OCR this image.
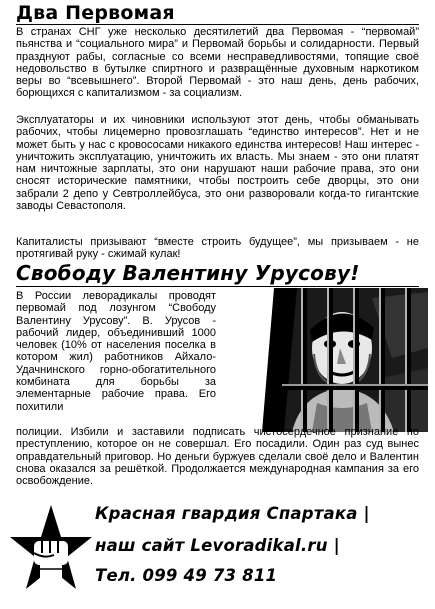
Два Первомая
В странах СНГ уже несколько десятилетий два Первомая - “первомай” пьянства и “социального мира” и Первомай борьбы и солидарности. Первый празднуют рабы, согласные со всеми несправедливостями, топящие своё недовольство в бутылке спиртного и развращённые духовным наркотиком веры во “всевышнего”. Второй Первомай - это наш день, день рабочих, борющихся с капитализмом - за социализм.
Эксплуататоры и их чиновники используют этот день, чтобы обманывать рабочих, чтобы лицемерно провозглашать “единство интересов”. Нет и не может быть у нас с кровососами никакого единства интересов! Наш интерес - уничтожить эксплуатацию, уничтожить их власть. Мы знаем - это они платят нам ничтожные зарплаты, это они нарушают наши рабочие права, это они сносят исторические памятники, чтобы построить себе дворцы, это они забрали 2 депо у Севтроллейбуса, это они разворовали когда-то гигантские заводы Севастополя.
Капиталисты призывают “вместе строить будущее”, мы призываем - не протягивай руку - сжимай кулак!
Свободу Валентину Урусову!
В России леворадикалы проводят первомай под лозунгом “Свободу Валентину Урусову”. В. Урусов - рабочий лидер, объединивший 1000 человек (10% от населения поселка в котором жил) работников Айхало-Удачнинского горно-обогатительного комбината для борьбы за элементарные рабочие права. Его похитили
полиции. Избили и заставили подписать чистосердечное признание по преступлению, которое он не совершал. Его посадили. Один раз суд вынес оправдательный приговор. Но деньги буржуев сделали своё дело и Валентин снова оказался за решёткой. Продолжается международная кампания за его освобождение.
Красная гвардия Спартака |
наш сайт Levoradikal.ru |
Тел. 099 49 73 811
